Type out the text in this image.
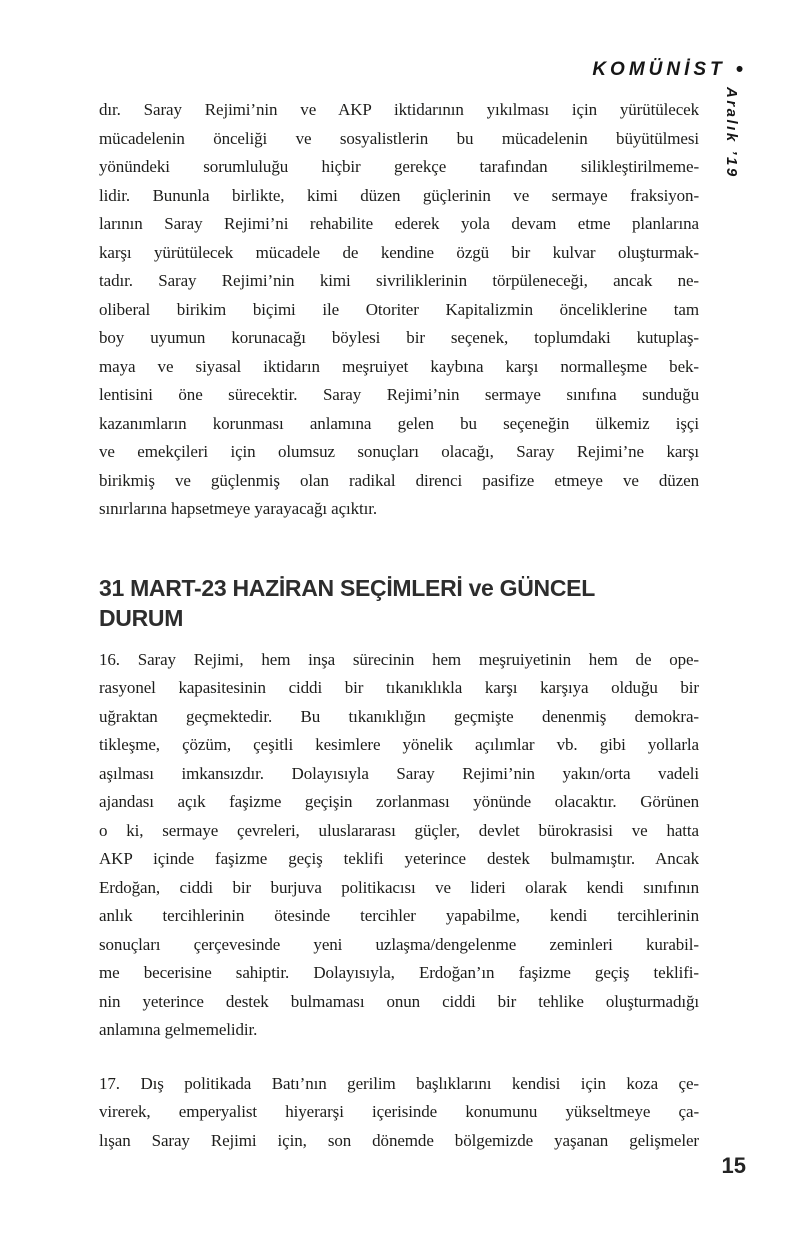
KOMÜNİST •
Aralık ’19
dır. Saray Rejimi’nin ve AKP iktidarının yıkılması için yürütülecek
mücadelenin önceliği ve sosyalistlerin bu mücadelenin büyütülmesi
yönündeki sorumluluğu hiçbir gerekçe tarafından silikleştirilmeme-
lidir. Bununla birlikte, kimi düzen güçlerinin ve sermaye fraksiyon-
larının Saray Rejimi’ni rehabilite ederek yola devam etme planlarına
karşı yürütülecek mücadele de kendine özgü bir kulvar oluşturmak-
tadır. Saray Rejimi’nin kimi sivriliklerinin törpüleneceği, ancak ne-
oliberal birikim biçimi ile Otoriter Kapitalizmin önceliklerine tam
boy uyumun korunacağı böylesi bir seçenek, toplumdaki kutuplaş-
maya ve siyasal iktidarın meşruiyet kaybına karşı normalleşme bek-
lentisini öne sürecektir. Saray Rejimi’nin sermaye sınıfına sunduğu
kazanımların korunması anlamına gelen bu seçeneğin ülkemiz işçi
ve emekçileri için olumsuz sonuçları olacağı, Saray Rejimi’ne karşı
birikmiş ve güçlenmiş olan radikal direnci pasifize etmeye ve düzen
sınırlarına hapsetmeye yarayacağı açıktır.
31 MART-23 HAZİRAN SEÇİMLERİ ve GÜNCEL
DURUM
16. Saray Rejimi, hem inşa sürecinin hem meşruiyetinin hem de ope-
rasyonel kapasitesinin ciddi bir tıkanıklıkla karşı karşıya olduğu bir
uğraktan geçmektedir. Bu tıkanıklığın geçmişte denenmiş demokra-
tikleşme, çözüm, çeşitli kesimlere yönelik açılımlar vb. gibi yollarla
aşılması imkansızdır. Dolayısıyla Saray Rejimi’nin yakın/orta vadeli
ajandası açık faşizme geçişin zorlanması yönünde olacaktır. Görünen
o ki, sermaye çevreleri, uluslararası güçler, devlet bürokrasisi ve hatta
AKP içinde faşizme geçiş teklifi yeterince destek bulmamıştır. Ancak
Erdoğan, ciddi bir burjuva politikacısı ve lideri olarak kendi sınıfının
anlık tercihlerinin ötesinde tercihler yapabilme, kendi tercihlerinin
sonuçları çerçevesinde yeni uzlaşma/dengelenme zeminleri kurabil-
me becerisine sahiptir. Dolayısıyla, Erdoğan’ın faşizme geçiş teklifi-
nin yeterince destek bulmaması onun ciddi bir tehlike oluşturmadığı
anlamına gelmemelidir.
17. Dış politikada Batı’nın gerilim başlıklarını kendisi için koza çe-
virerek, emperyalist hiyerarşi içerisinde konumunu yükseltmeye ça-
lışan Saray Rejimi için, son dönemde bölgemizde yaşanan gelişmeler
15
